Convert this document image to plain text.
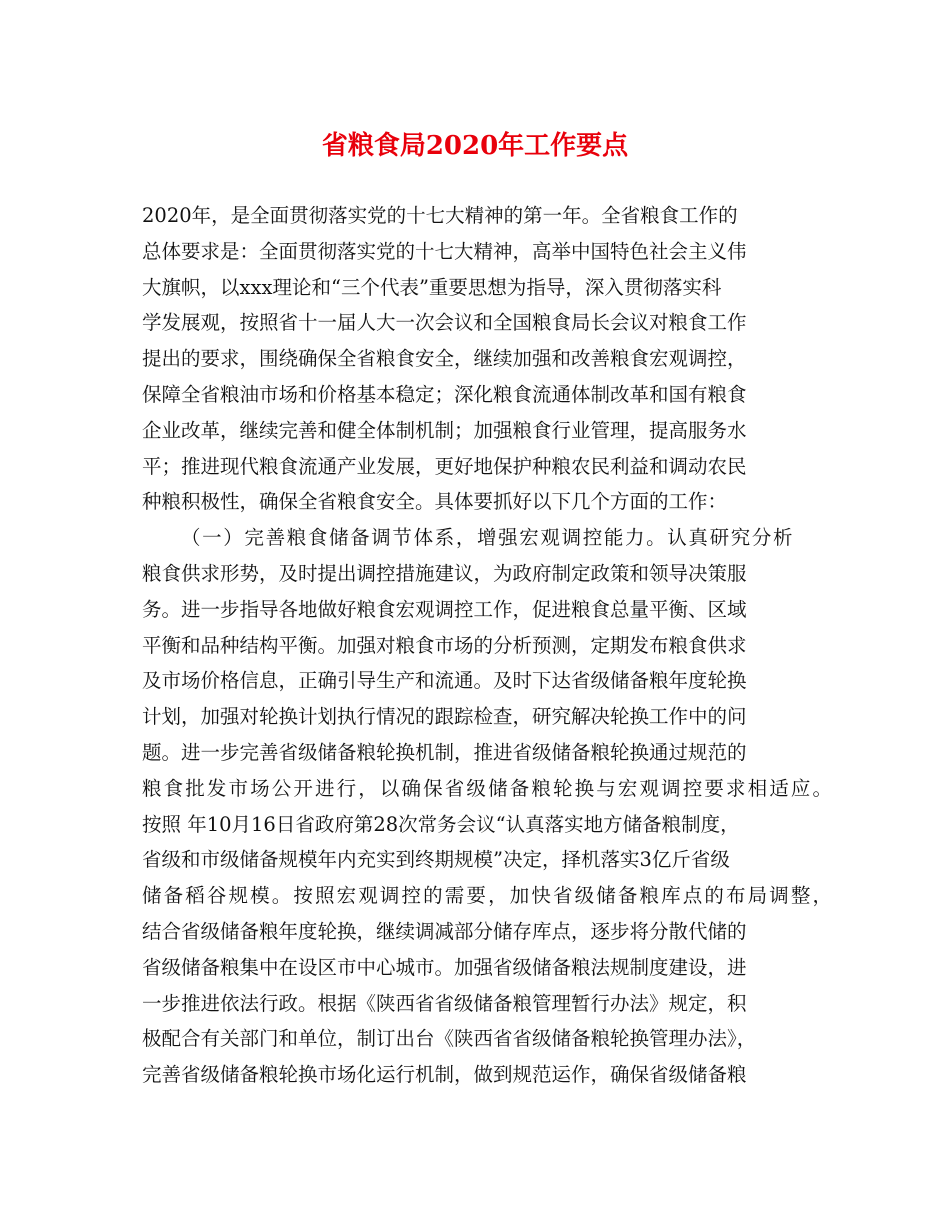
省粮食局2020年工作要点
2020年，是全面贯彻落实党的十七大精神的第一年。全省粮食工作的
总体要求是：全面贯彻落实党的十七大精神，高举中国特色社会主义伟
大旗帜，以xxx理论和“三个代表”重要思想为指导，深入贯彻落实科
学发展观，按照省十一届人大一次会议和全国粮食局长会议对粮食工作
提出的要求，围绕确保全省粮食安全，继续加强和改善粮食宏观调控，
保障全省粮油市场和价格基本稳定；深化粮食流通体制改革和国有粮食
企业改革，继续完善和健全体制机制；加强粮食行业管理，提高服务水
平；推进现代粮食流通产业发展，更好地保护种粮农民利益和调动农民
种粮积极性，确保全省粮食安全。具体要抓好以下几个方面的工作：
（一）完善粮食储备调节体系，增强宏观调控能力。认真研究分析
粮食供求形势，及时提出调控措施建议，为政府制定政策和领导决策服
务。进一步指导各地做好粮食宏观调控工作，促进粮食总量平衡、区域
平衡和品种结构平衡。加强对粮食市场的分析预测，定期发布粮食供求
及市场价格信息，正确引导生产和流通。及时下达省级储备粮年度轮换
计划，加强对轮换计划执行情况的跟踪检查，研究解决轮换工作中的问
题。进一步完善省级储备粮轮换机制，推进省级储备粮轮换通过规范的
粮食批发市场公开进行，以确保省级储备粮轮换与宏观调控要求相适应。
按照 年10月16日省政府第28次常务会议“认真落实地方储备粮制度，
省级和市级储备规模年内充实到终期规模”决定，择机落实3亿斤省级
储备稻谷规模。按照宏观调控的需要，加快省级储备粮库点的布局调整，
结合省级储备粮年度轮换，继续调减部分储存库点，逐步将分散代储的
省级储备粮集中在设区市中心城市。加强省级储备粮法规制度建设，进
一步推进依法行政。根据《陕西省省级储备粮管理暂行办法》规定，积
极配合有关部门和单位，制订出台《陕西省省级储备粮轮换管理办法》，
完善省级储备粮轮换市场化运行机制，做到规范运作，确保省级储备粮
